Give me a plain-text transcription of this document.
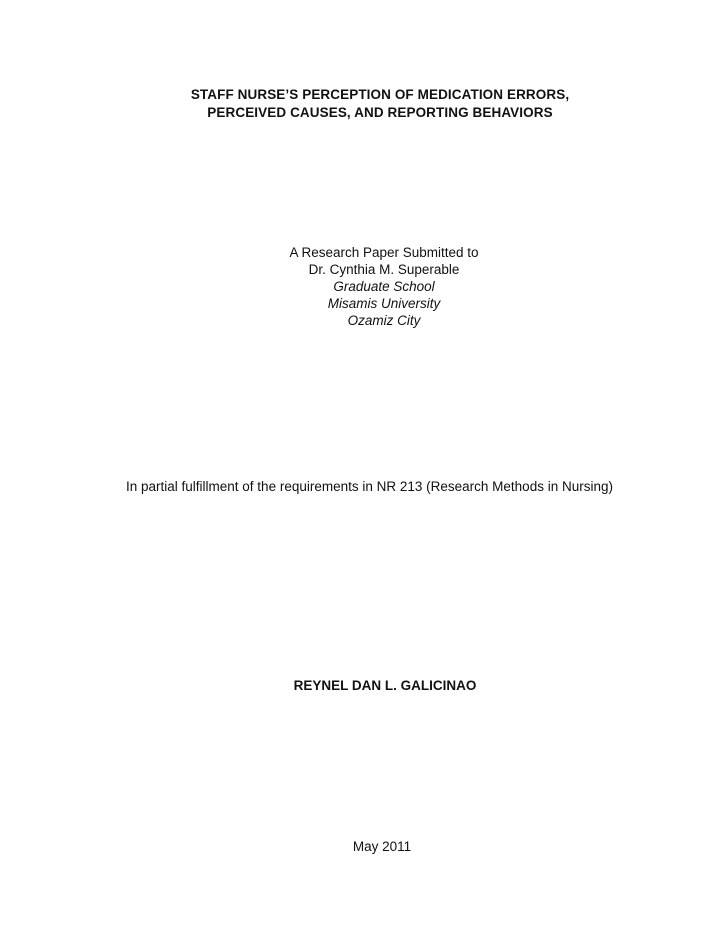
STAFF NURSE’S PERCEPTION OF MEDICATION ERRORS,
PERCEIVED CAUSES, AND REPORTING BEHAVIORS
A Research Paper Submitted to
Dr. Cynthia M. Superable
Graduate School
Misamis University
Ozamiz City
In partial fulfillment of the requirements in NR 213 (Research Methods in Nursing)
REYNEL DAN L. GALICINAO
May 2011
